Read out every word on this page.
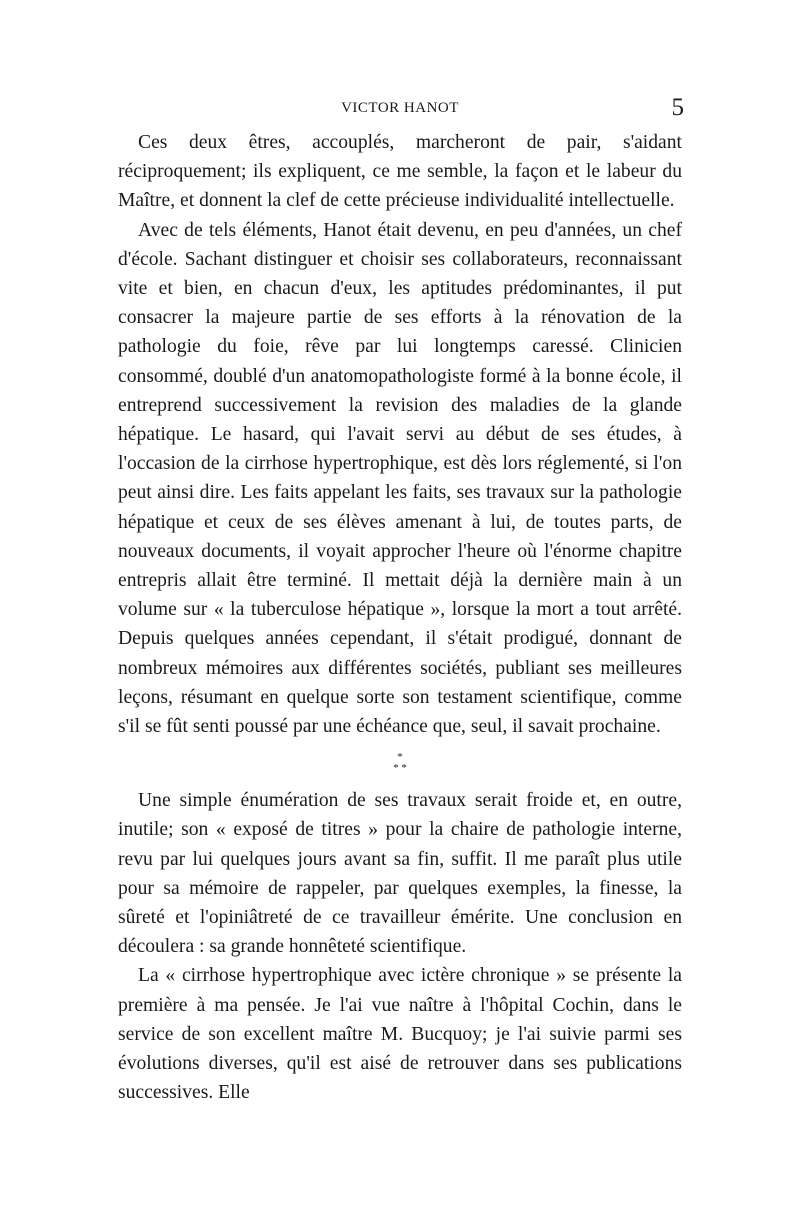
VICTOR HANOT	5

Ces deux êtres, accouplés, marcheront de pair, s'aidant réciproquement; ils expliquent, ce me semble, la façon et le labeur du Maître, et donnent la clef de cette précieuse individualité intellectuelle.

Avec de tels éléments, Hanot était devenu, en peu d'années, un chef d'école. Sachant distinguer et choisir ses collaborateurs, reconnaissant vite et bien, en chacun d'eux, les aptitudes prédominantes, il put consacrer la majeure partie de ses efforts à la rénovation de la pathologie du foie, rêve par lui longtemps caressé. Clinicien consommé, doublé d'un anatomopathologiste formé à la bonne école, il entreprend successivement la revision des maladies de la glande hépatique. Le hasard, qui l'avait servi au début de ses études, à l'occasion de la cirrhose hypertrophique, est dès lors réglementé, si l'on peut ainsi dire. Les faits appelant les faits, ses travaux sur la pathologie hépatique et ceux de ses élèves amenant à lui, de toutes parts, de nouveaux documents, il voyait approcher l'heure où l'énorme chapitre entrepris allait être terminé. Il mettait déjà la dernière main à un volume sur « la tuberculose hépatique », lorsque la mort a tout arrêté. Depuis quelques années cependant, il s'était prodigué, donnant de nombreux mémoires aux différentes sociétés, publiant ses meilleures leçons, résumant en quelque sorte son testament scientifique, comme s'il se fût senti poussé par une échéance que, seul, il savait prochaine.

*
* *

Une simple énumération de ses travaux serait froide et, en outre, inutile; son « exposé de titres » pour la chaire de pathologie interne, revu par lui quelques jours avant sa fin, suffit. Il me paraît plus utile pour sa mémoire de rappeler, par quelques exemples, la finesse, la sûreté et l'opiniâtreté de ce travailleur émérite. Une conclusion en découlera : sa grande honnêteté scientifique.

La « cirrhose hypertrophique avec ictère chronique » se présente la première à ma pensée. Je l'ai vue naître à l'hôpital Cochin, dans le service de son excellent maître M. Bucquoy; je l'ai suivie parmi ses évolutions diverses, qu'il est aisé de retrouver dans ses publications successives. Elle
